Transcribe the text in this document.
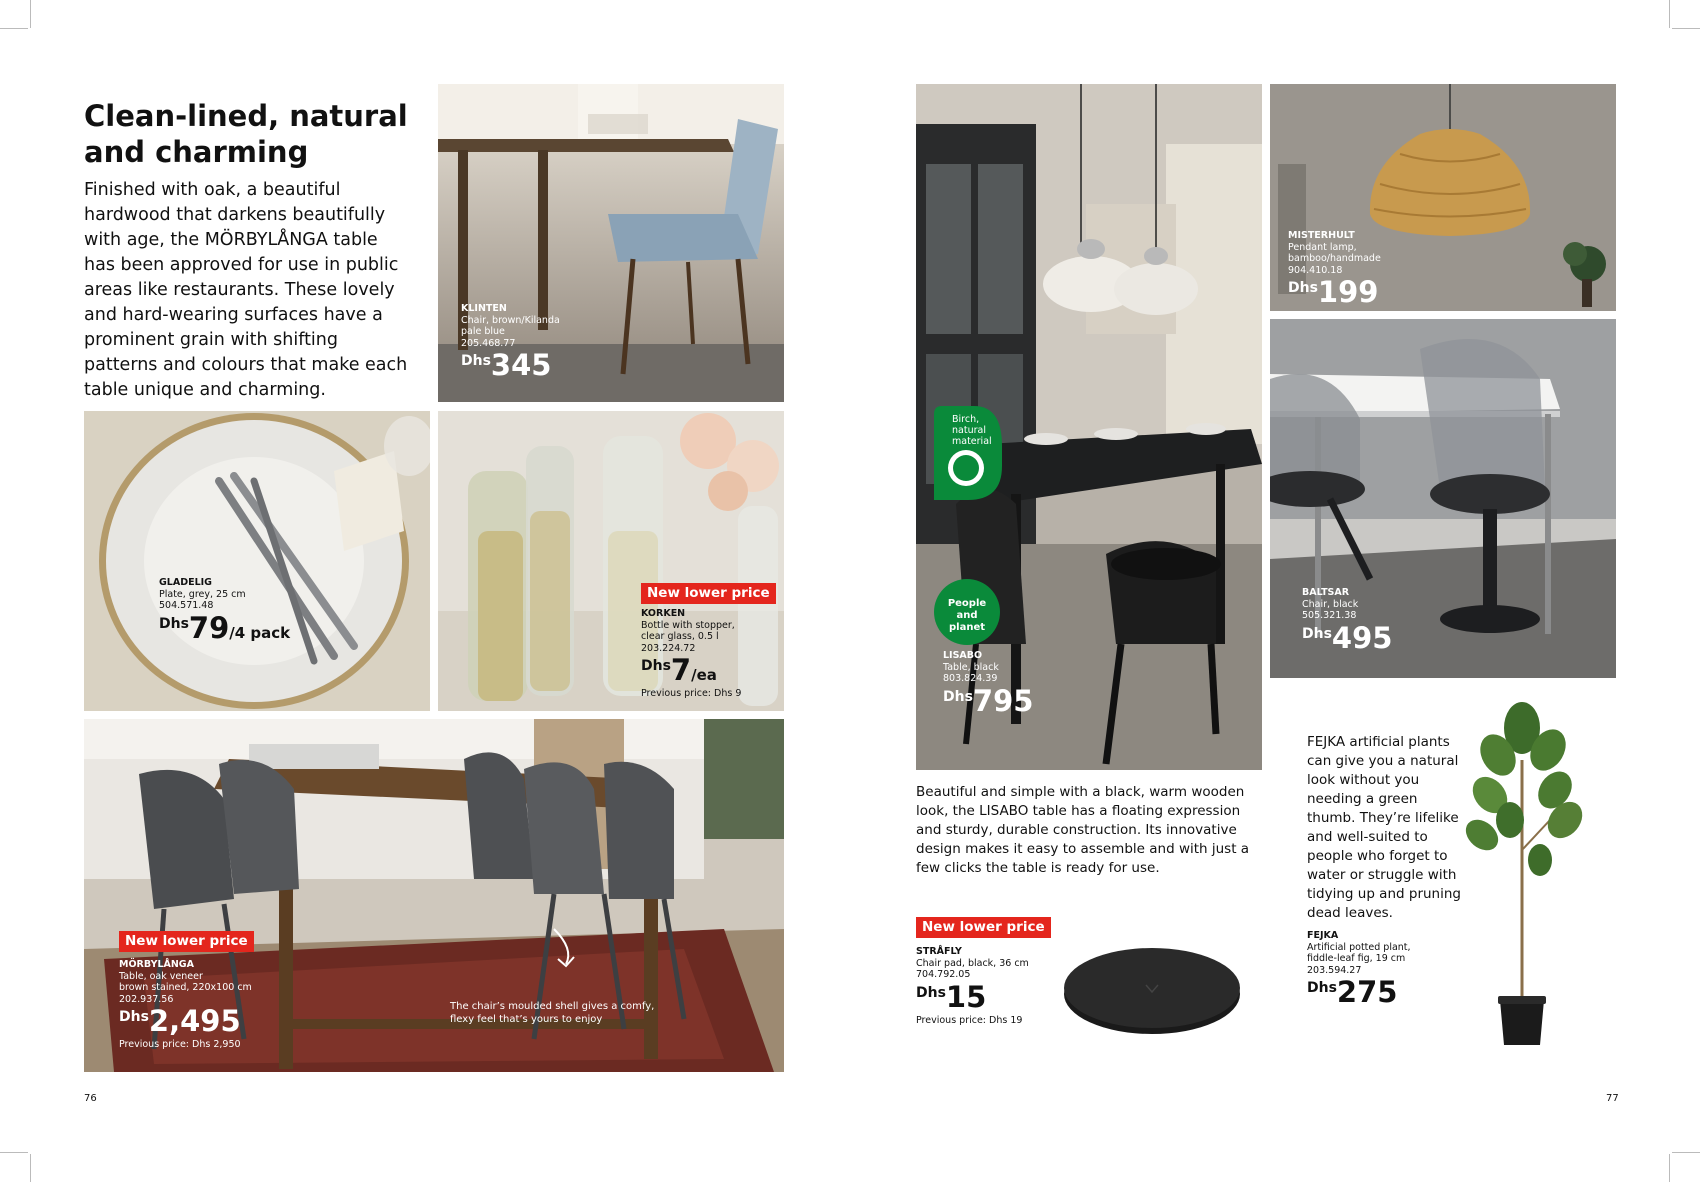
Clean-lined, natural and charming

Finished with oak, a beautiful hardwood that darkens beautifully with age, the MÖRBYLÅNGA table has been approved for use in public areas like restaurants. These lovely and hard-wearing surfaces have a prominent grain with shifting patterns and colours that make each table unique and charming.

KLINTEN
Chair, brown/Kilanda
pale blue
205.468.77
Dhs345
GLADELIG
Plate, grey, 25 cm
504.571.48
Dhs79/4 pack
New lower price
KORKEN
Bottle with stopper,
clear glass, 0.5 l
203.224.72
Dhs7/ea
Previous price: Dhs 9
New lower price
MÖRBYLÅNGA
Table, oak veneer
brown stained, 220x100 cm
202.937.56
Dhs2,495
Previous price: Dhs 2,950
The chair’s moulded shell gives a comfy, flexy feel that’s yours to enjoy
76
Birch, natural material
People and planet
LISABO
Table, black
803.824.39
Dhs795
MISTERHULT
Pendant lamp,
bamboo/handmade
904.410.18
Dhs199
BALTSAR
Chair, black
505.321.38
Dhs495

Beautiful and simple with a black, warm wooden look, the LISABO table has a floating expression and sturdy, durable construction. Its innovative design makes it easy to assemble and with just a few clicks the table is ready for use.

New lower price
STRÅFLY
Chair pad, black, 36 cm
704.792.05
Dhs15
Previous price: Dhs 19

FEJKA artificial plants can give you a natural look without you needing a green thumb. They’re lifelike and well-suited to people who forget to water or struggle with tidying up and pruning dead leaves.

FEJKA
Artificial potted plant,
fiddle-leaf fig, 19 cm
203.594.27
Dhs275
77
